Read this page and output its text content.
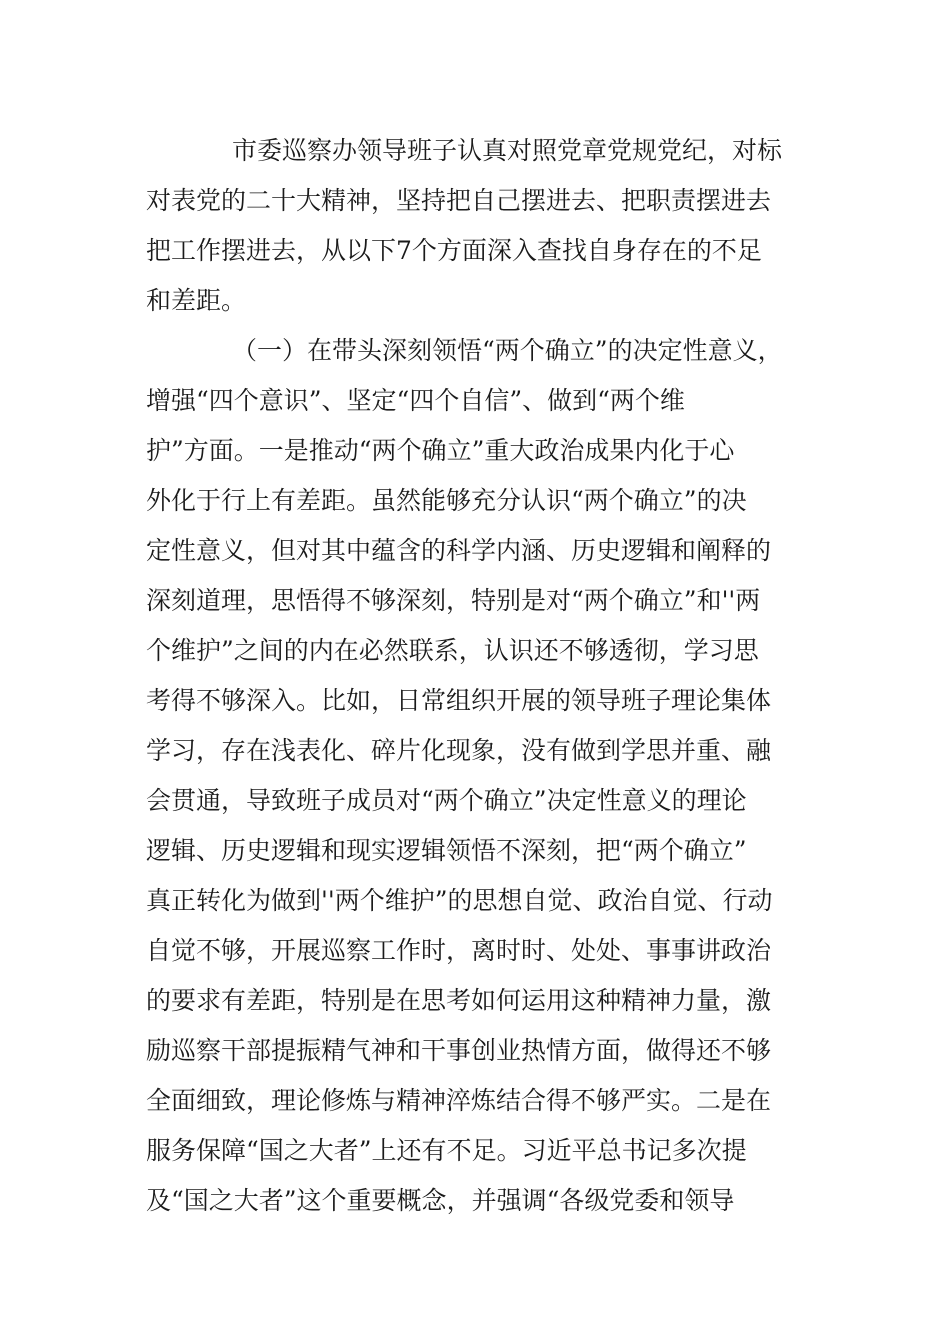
市委巡察办领导班子认真对照党章党规党纪，对标

对表党的二十大精神，坚持把自己摆进去、把职责摆进去

把工作摆进去，从以下7个方面深入查找自身存在的不足

和差距。

（一）在带头深刻领悟“两个确立”的决定性意义，

增强“四个意识”、坚定“四个自信”、做到“两个维

护”方面。一是推动“两个确立”重大政治成果内化于心

外化于行上有差距。虽然能够充分认识“两个确立”的决

定性意义，但对其中蕴含的科学内涵、历史逻辑和阐释的

深刻道理，思悟得不够深刻，特别是对“两个确立”和''两

个维护”之间的内在必然联系，认识还不够透彻，学习思

考得不够深入。比如，日常组织开展的领导班子理论集体

学习，存在浅表化、碎片化现象，没有做到学思并重、融

会贯通，导致班子成员对“两个确立”决定性意义的理论

逻辑、历史逻辑和现实逻辑领悟不深刻，把“两个确立”

真正转化为做到''两个维护”的思想自觉、政治自觉、行动

自觉不够，开展巡察工作时，离时时、处处、事事讲政治

的要求有差距，特别是在思考如何运用这种精神力量，激

励巡察干部提振精气神和干事创业热情方面，做得还不够

全面细致，理论修炼与精神淬炼结合得不够严实。二是在

服务保障“国之大者”上还有不足。习近平总书记多次提

及“国之大者”这个重要概念，并强调“各级党委和领导
